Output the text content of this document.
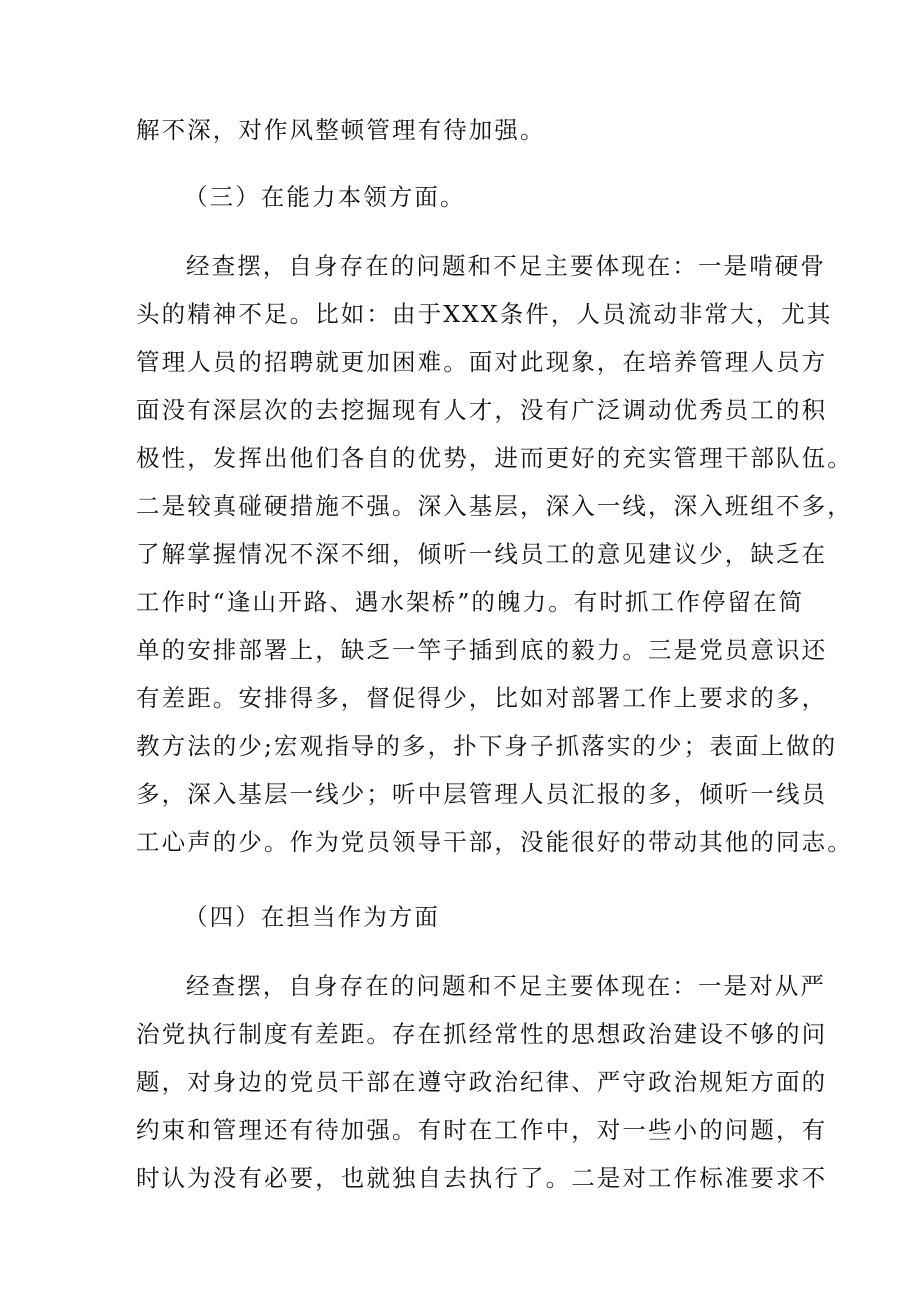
解不深，对作风整顿管理有待加强。
（三）在能力本领方面。
经查摆，自身存在的问题和不足主要体现在：一是啃硬骨
头的精神不足。比如：由于XXX条件，人员流动非常大，尤其
管理人员的招聘就更加困难。面对此现象，在培养管理人员方
面没有深层次的去挖掘现有人才，没有广泛调动优秀员工的积
极性，发挥出他们各自的优势，进而更好的充实管理干部队伍。
二是较真碰硬措施不强。深入基层，深入一线，深入班组不多，
了解掌握情况不深不细，倾听一线员工的意见建议少，缺乏在
工作时“逢山开路、遇水架桥”的魄力。有时抓工作停留在简
单的安排部署上，缺乏一竿子插到底的毅力。三是党员意识还
有差距。安排得多，督促得少，比如对部署工作上要求的多，
教方法的少;宏观指导的多，扑下身子抓落实的少；表面上做的
多，深入基层一线少；听中层管理人员汇报的多，倾听一线员
工心声的少。作为党员领导干部，没能很好的带动其他的同志。
（四）在担当作为方面
经查摆，自身存在的问题和不足主要体现在：一是对从严
治党执行制度有差距。存在抓经常性的思想政治建设不够的问
题，对身边的党员干部在遵守政治纪律、严守政治规矩方面的
约束和管理还有待加强。有时在工作中，对一些小的问题，有
时认为没有必要，也就独自去执行了。二是对工作标准要求不
